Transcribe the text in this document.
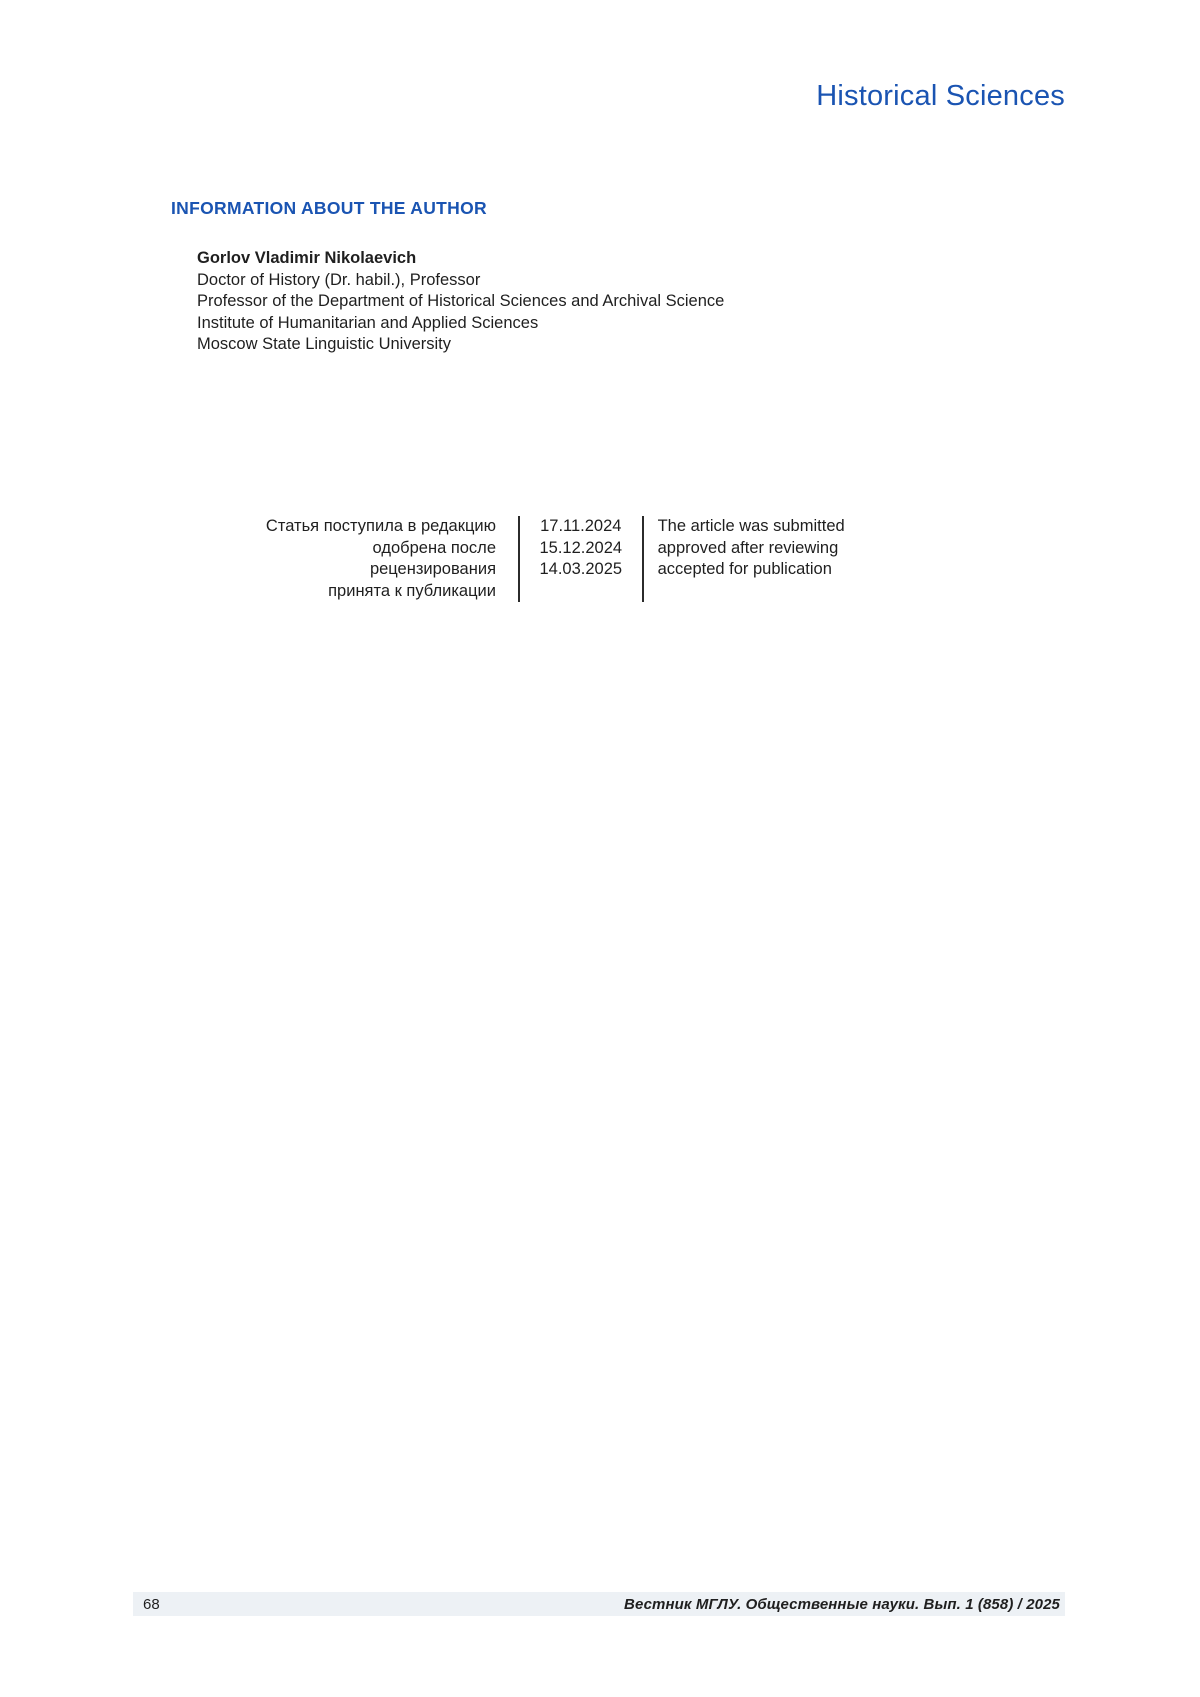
Historical Sciences
INFORMATION ABOUT THE AUTHOR
Gorlov Vladimir Nikolaevich
Doctor of History (Dr. habil.), Professor
Professor of the Department of Historical Sciences and Archival Science
Institute of Humanitarian and Applied Sciences
Moscow State Linguistic University
Статья поступила в редакцию
одобрена после рецензирования
принята к публикации
17.11.2024
15.12.2024
14.03.2025
The article was submitted
approved after reviewing
accepted for publication
68	Вестник МГЛУ. Общественные науки. Вып. 1 (858) / 2025
